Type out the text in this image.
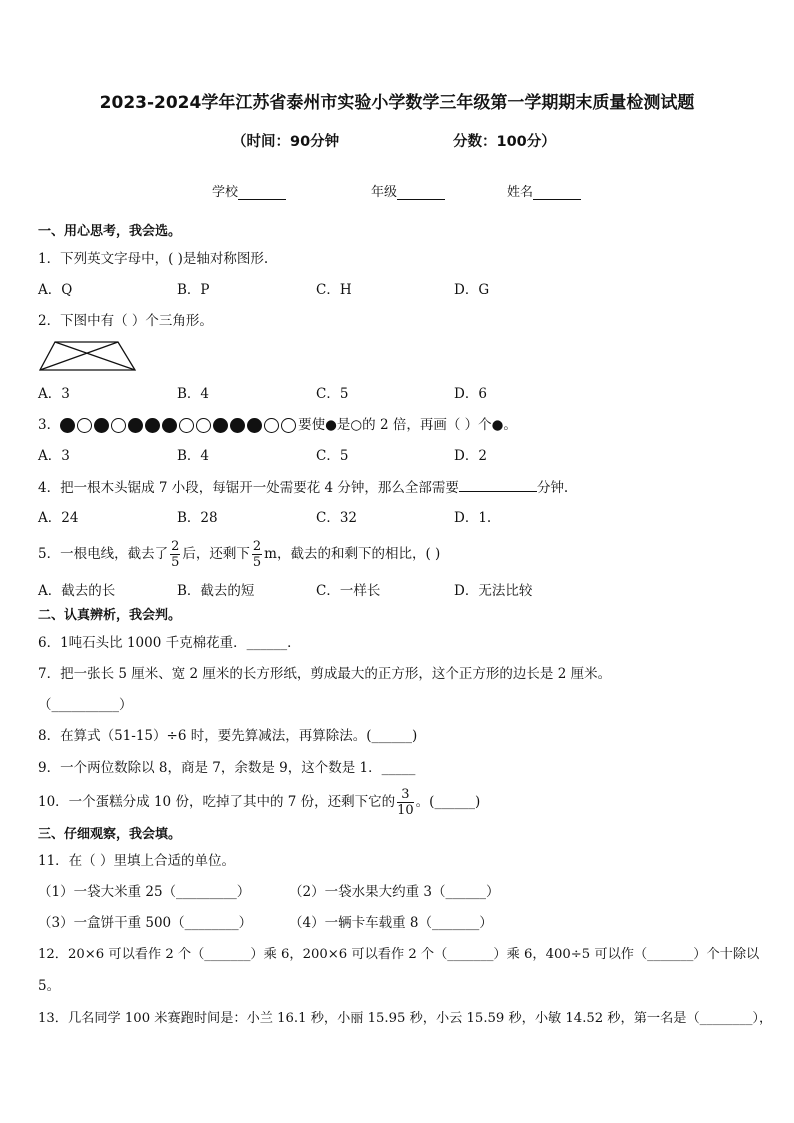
2023-2024学年江苏省泰州市实验小学数学三年级第一学期期末质量检测试题
（时间：90分钟	分数：100分）
学校	年级	姓名
一、用心思考，我会选。
1．下列英文字母中，( )是轴对称图形.
A．Q	B．P	C．H	D．G
2．下图中有（ ）个三角形。
A．3	B．4	C．5	D．6
3．	要使●是○的 2 倍，再画（ ）个●。
A．3	B．4	C．5	D．2
4．把一根木头锯成 7 小段，每锯开一处需要花 4 分钟，那么全部需要	分钟.
A．24	B．28	C．32	D．1.
5．一根电线，截去了 $\frac{2}{5}$ 后，还剩下 $\frac{2}{5}$ m，截去的和剩下的相比，( )
A．截去的长	B．截去的短	C．一样长	D．无法比较
二、认真辨析，我会判。
6．1吨石头比 1000 千克棉花重．______．
7．把一张长 5 厘米、宽 2 厘米的长方形纸，剪成最大的正方形，这个正方形的边长是 2 厘米。
（__________）
8．在算式（51-15）÷6 时，要先算减法，再算除法。(______)
9．一个两位数除以 8，商是 7，余数是 9，这个数是 1．_____
10．一个蛋糕分成 10 份，吃掉了其中的 7 份，还剩下它的 $\frac{3}{10}$ 。(______)
三、仔细观察，我会填。
11．在（ ）里填上合适的单位。
（1）一袋大米重 25（_________）	（2）一袋水果大约重 3（______）
（3）一盒饼干重 500（________）	（4）一辆卡车载重 8（_______）
12．20×6 可以看作 2 个（_______）乘 6，200×6 可以看作 2 个（_______）乘 6，400÷5 可以作（_______）个十除以
5。
13．几名同学 100 米赛跑时间是：小兰 16.1 秒，小丽 15.95 秒，小云 15.59 秒，小敏 14.52 秒，第一名是（________），
